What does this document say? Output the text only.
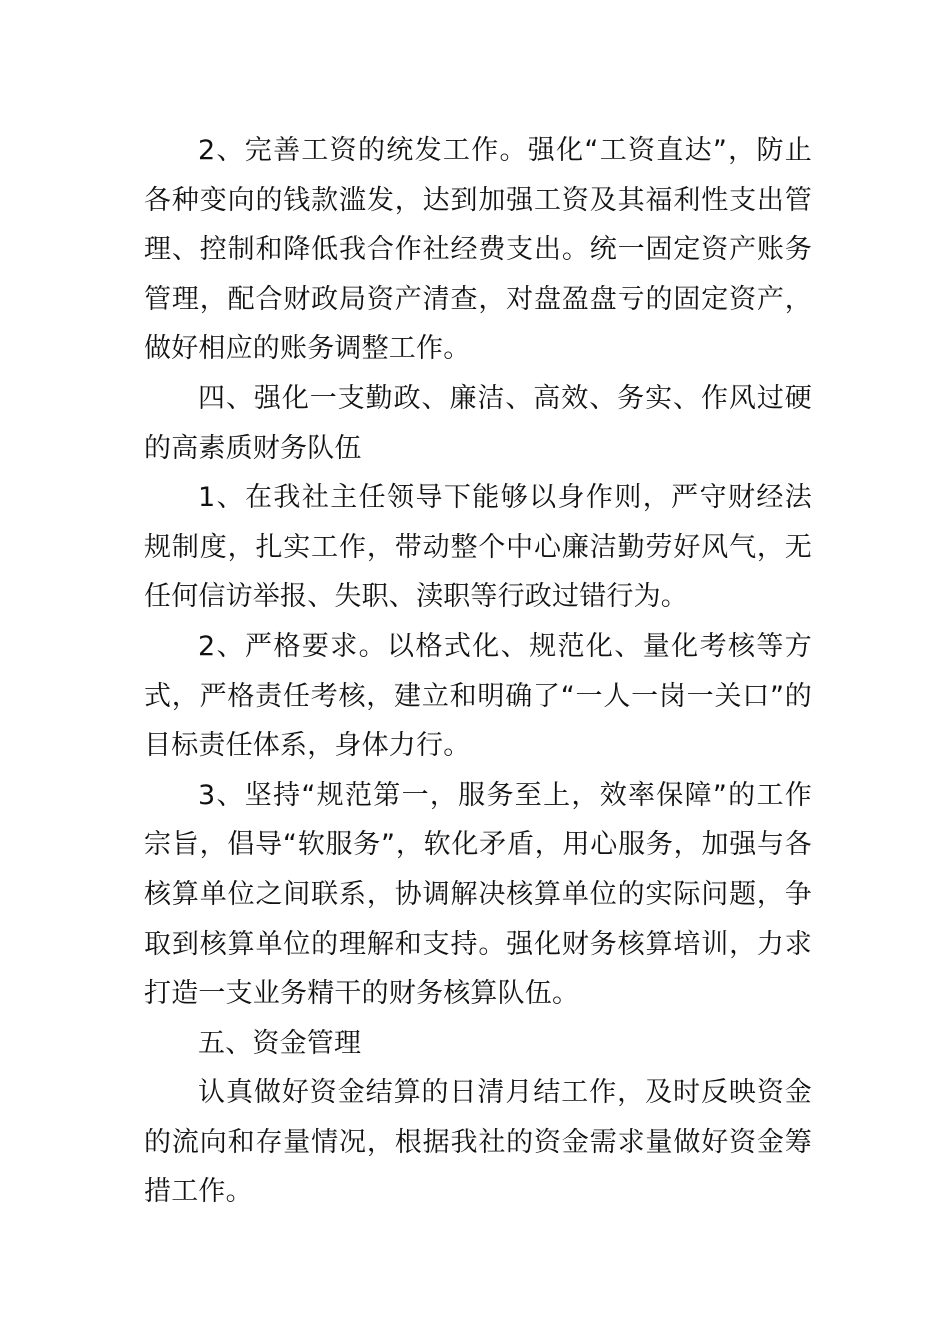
2、完善工资的统发工作。强化“工资直达”，防止各种变向的钱款滥发，达到加强工资及其福利性支出管理、控制和降低我合作社经费支出。统一固定资产账务管理，配合财政局资产清查，对盘盈盘亏的固定资产，做好相应的账务调整工作。

四、强化一支勤政、廉洁、高效、务实、作风过硬的高素质财务队伍

1、在我社主任领导下能够以身作则，严守财经法规制度，扎实工作，带动整个中心廉洁勤劳好风气，无任何信访举报、失职、渎职等行政过错行为。

2、严格要求。以格式化、规范化、量化考核等方式，严格责任考核，建立和明确了“一人一岗一关口”的目标责任体系，身体力行。

3、坚持“规范第一，服务至上，效率保障”的工作宗旨，倡导“软服务”，软化矛盾，用心服务，加强与各核算单位之间联系，协调解决核算单位的实际问题，争取到核算单位的理解和支持。强化财务核算培训，力求打造一支业务精干的财务核算队伍。

五、资金管理

认真做好资金结算的日清月结工作，及时反映资金的流向和存量情况，根据我社的资金需求量做好资金筹措工作。
